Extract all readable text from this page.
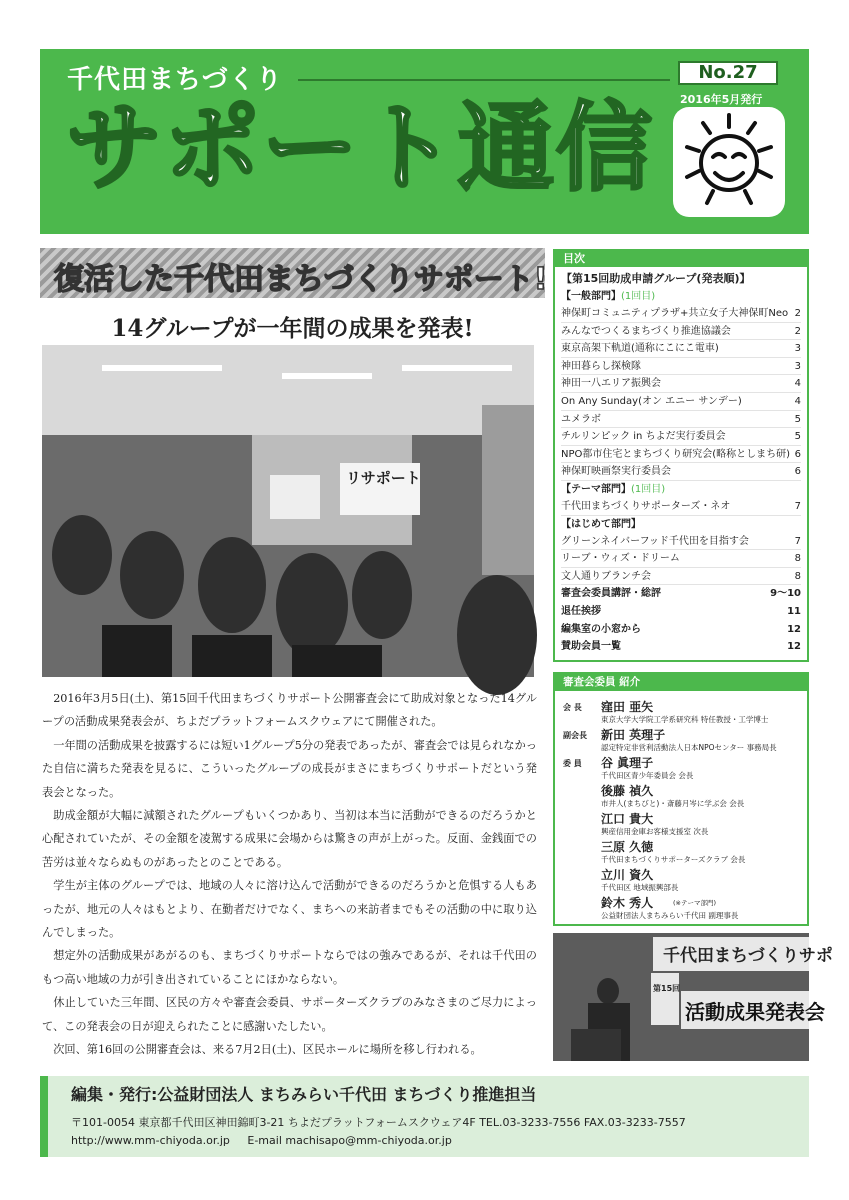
千代田まちづくり
サポート通信
No.27
2016年5月発行
復活した千代田まちづくりサポート!
14グループが一年間の成果を発表!
リサポート

2016年3月5日(土)、第15回千代田まちづくりサポート公開審査会にて助成対象となった14グループの活動成果発表会が、ちよだプラットフォームスクウェアにて開催された。

一年間の活動成果を披露するには短い1グループ5分の発表であったが、審査会では見られなかった自信に満ちた発表を見るに、こういったグループの成長がまさにまちづくりサポートだという発表会となった。

助成金額が大幅に減額されたグループもいくつかあり、当初は本当に活動ができるのだろうかと心配されていたが、その金額を凌駕する成果に会場からは驚きの声が上がった。反面、金銭面での苦労は並々ならぬものがあったとのことである。

学生が主体のグループでは、地域の人々に溶け込んで活動ができるのだろうかと危惧する人もあったが、地元の人々はもとより、在勤者だけでなく、まちへの来訪者までもその活動の中に取り込んでしまった。

想定外の活動成果があがるのも、まちづくりサポートならではの強みであるが、それは千代田のもつ高い地域の力が引き出されていることにほかならない。

休止していた三年間、区民の方々や審査会委員、サポーターズクラブのみなさまのご尽力によって、この発表会の日が迎えられたことに感謝いたしたい。

次回、第16回の公開審査会は、来る7月2日(土)、区民ホールに場所を移し行われる。

目次
【第15回助成申請グループ(発表順)】
【一般部門】(1回目)
神保町コミュニティプラザ+共立女子大神保町Neo 2
みんなでつくるまちづくり推進協議会	2
東京高架下軌道(通称にこにこ電車)	3
神田暮らし探検隊	3
神田一八エリア振興会	4
On Any Sunday(オン エニー サンデー)	4
ユメラボ	5
チルリンピック in ちよだ実行委員会	5
NPO都市住宅とまちづくり研究会(略称としまち研) 6
神保町映画祭実行委員会	6
【テーマ部門】(1回目)
千代田まちづくりサポーターズ・ネオ	7
【はじめて部門】
グリーンネイバーフッド千代田を目指す会	7
リーブ・ウィズ・ドリーム	8
文人通りブランチ会	8
審査会委員講評・総評	9〜10
退任挨拶	11
編集室の小窓から	12
賛助会員一覧	12
審査会委員 紹介
会 長 窪田 亜矢
東京大学大学院工学系研究科 特任教授・工学博士
副会長 新田 英理子
認定特定非営利活動法人日本NPOセンター 事務局長
委 員 谷 眞理子
千代田区青少年委員会 会長
後藤 禎久
市井人(まちびと)・斎藤月岑に学ぶ会 会長
江口 貴大
興産信用金庫お客様支援室 次長
三原 久徳
千代田まちづくりサポーターズクラブ 会長
立川 資久
千代田区 地域振興部長
鈴木 秀人	(※テーマ部門)
公益財団法人まちみらい千代田 副理事長
千代田まちづくりサポ
第15回
活動成果発表会
編集・発行:公益財団法人 まちみらい千代田 まちづくり推進担当
〒101-0054 東京都千代田区神田錦町3-21 ちよだプラットフォームスクウェア4F TEL.03-3233-7556 FAX.03-3233-7557
http://www.mm-chiyoda.or.jp E-mail machisapo@mm-chiyoda.or.jp
